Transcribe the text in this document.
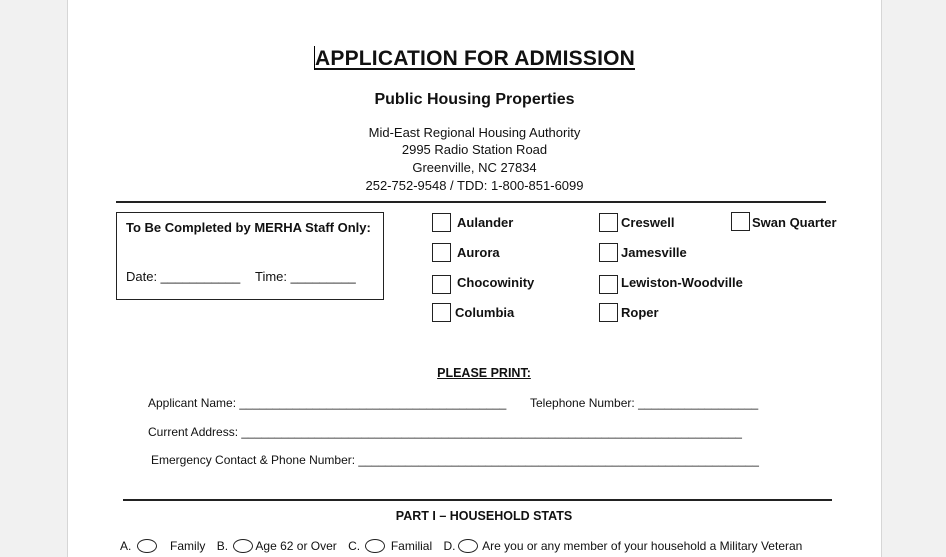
APPLICATION FOR ADMISSION
Public Housing Properties
Mid-East Regional Housing Authority
2995 Radio Station Road
Greenville, NC 27834
252-752-9548 / TDD: 1-800-851-6099
To Be Completed by MERHA Staff Only:
Date: ___________ Time: _________
Aulander
Aurora
Chocowinity
Columbia
Creswell
Jamesville
Lewiston-Woodville
Roper
Swan Quarter
PLEASE PRINT:
Applicant Name: ________________________________________ Telephone Number: __________________
Current Address: ___________________________________________________________________________
Emergency Contact & Phone Number: ____________________________________________________________
PART I – HOUSEHOLD STATS
A.	Family B. Age 62 or Over C.	Familial D. Are you or any member of your household a Military Veteran
